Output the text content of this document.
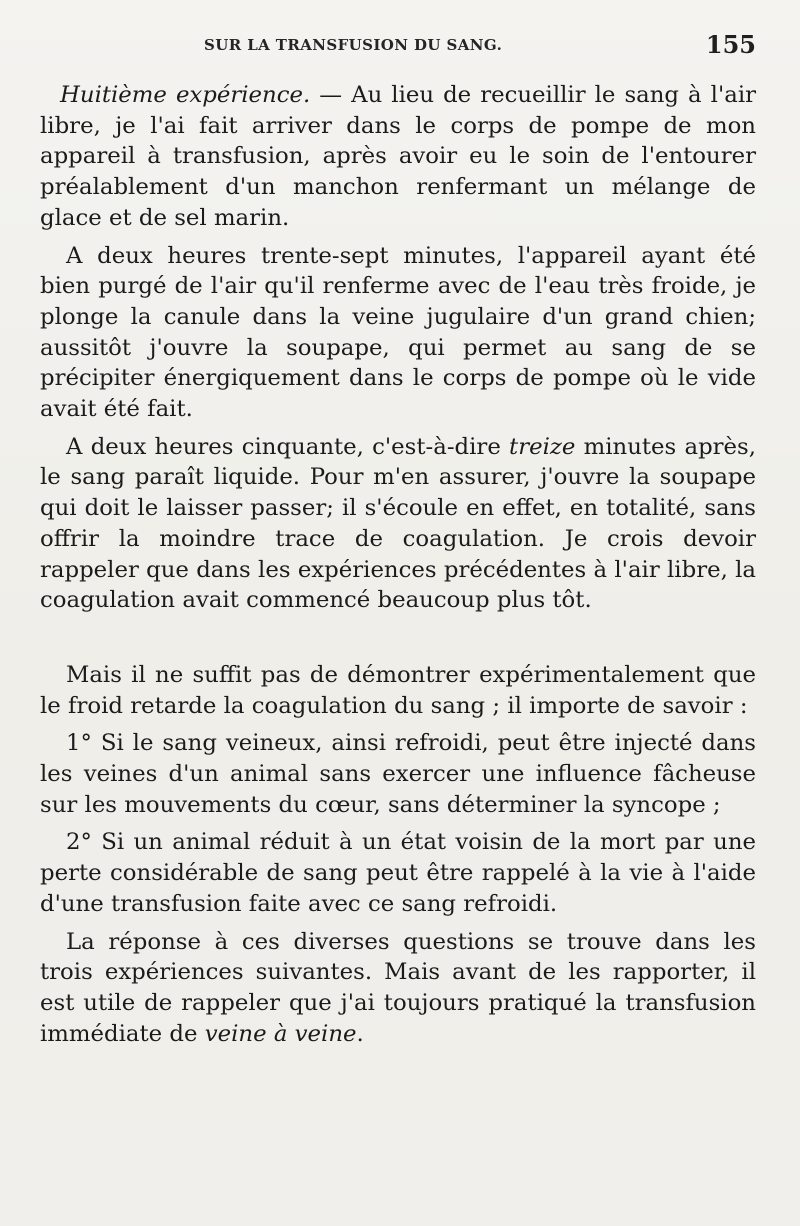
SUR LA TRANSFUSION DU SANG.	155

Huitième expérience. — Au lieu de recueillir le sang à l'air libre, je l'ai fait arriver dans le corps de pompe de mon appareil à transfusion, après avoir eu le soin de l'entourer préalablement d'un manchon renfermant un mélange de glace et de sel marin.

A deux heures trente-sept minutes, l'appareil ayant été bien purgé de l'air qu'il renferme avec de l'eau très froide, je plonge la canule dans la veine jugulaire d'un grand chien; aussitôt j'ouvre la soupape, qui permet au sang de se précipiter énergiquement dans le corps de pompe où le vide avait été fait.

A deux heures cinquante, c'est-à-dire treize minutes après, le sang paraît liquide. Pour m'en assurer, j'ouvre la soupape qui doit le laisser passer; il s'écoule en effet, en totalité, sans offrir la moindre trace de coagulation. Je crois devoir rappeler que dans les expériences précédentes à l'air libre, la coagulation avait commencé beaucoup plus tôt.

Mais il ne suffit pas de démontrer expérimentalement que le froid retarde la coagulation du sang ; il importe de savoir :

1° Si le sang veineux, ainsi refroidi, peut être injecté dans les veines d'un animal sans exercer une influence fâcheuse sur les mouvements du cœur, sans déterminer la syncope ;

2° Si un animal réduit à un état voisin de la mort par une perte considérable de sang peut être rappelé à la vie à l'aide d'une transfusion faite avec ce sang refroidi.

La réponse à ces diverses questions se trouve dans les trois expériences suivantes. Mais avant de les rapporter, il est utile de rappeler que j'ai toujours pratiqué la transfusion immédiate de veine à veine.
